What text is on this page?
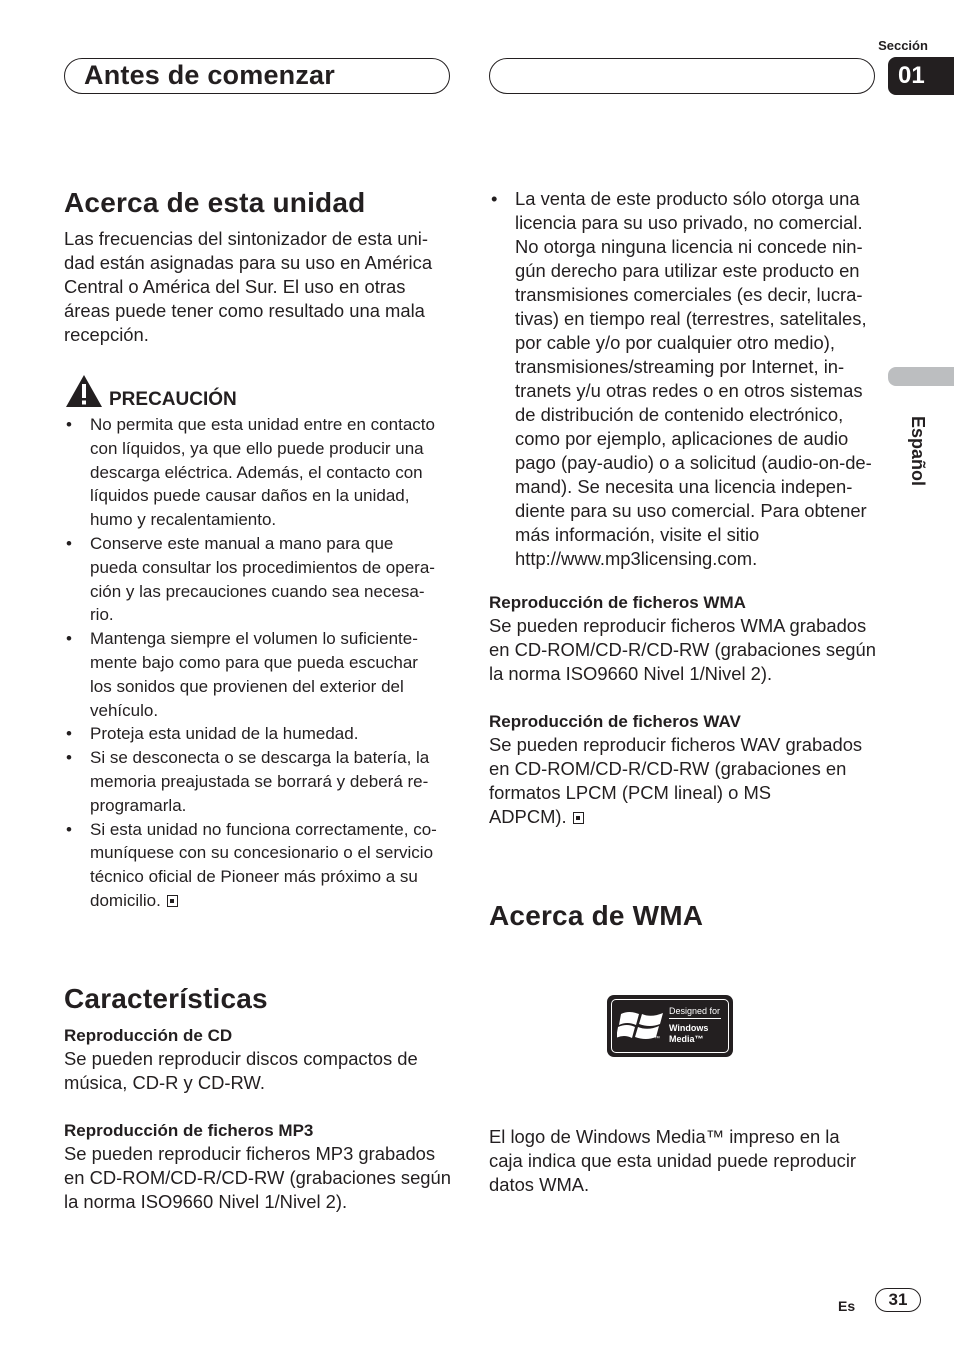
Antes de comenzar
Sección
01
Español
Acerca de esta unidad
Las frecuencias del sintonizador de esta uni-
dad están asignadas para su uso en América
Central o América del Sur. El uso en otras
áreas puede tener como resultado una mala
recepción.
PRECAUCIÓN
• No permita que esta unidad entre en contacto
con líquidos, ya que ello puede producir una
descarga eléctrica. Además, el contacto con
líquidos puede causar daños en la unidad,
humo y recalentamiento.
• Conserve este manual a mano para que
pueda consultar los procedimientos de opera-
ción y las precauciones cuando sea necesa-
rio.
• Mantenga siempre el volumen lo suficiente-
mente bajo como para que pueda escuchar
los sonidos que provienen del exterior del
vehículo.
• Proteja esta unidad de la humedad.
• Si se desconecta o se descarga la batería, la
memoria preajustada se borrará y deberá re-
programarla.
• Si esta unidad no funciona correctamente, co-
muníquese con su concesionario o el servicio
técnico oficial de Pioneer más próximo a su
domicilio.
Características

Reproducción de CD

Se pueden reproducir discos compactos de
música, CD-R y CD-RW.

Reproducción de ficheros MP3

Se pueden reproducir ficheros MP3 grabados
en CD-ROM/CD-R/CD-RW (grabaciones según
la norma ISO9660 Nivel 1/Nivel 2).
• La venta de este producto sólo otorga una
licencia para su uso privado, no comercial.
No otorga ninguna licencia ni concede nin-
gún derecho para utilizar este producto en
transmisiones comerciales (es decir, lucra-
tivas) en tiempo real (terrestres, satelitales,
por cable y/o por cualquier otro medio),
transmisiones/streaming por Internet, in-
tranets y/u otras redes o en otros sistemas
de distribución de contenido electrónico,
como por ejemplo, aplicaciones de audio
pago (pay-audio) o a solicitud (audio-on-de-
mand). Se necesita una licencia indepen-
diente para su uso comercial. Para obtener
más información, visite el sitio
http://www.mp3licensing.com.

Reproducción de ficheros WMA

Se pueden reproducir ficheros WMA grabados
en CD-ROM/CD-R/CD-RW (grabaciones según
la norma ISO9660 Nivel 1/Nivel 2).

Reproducción de ficheros WAV

Se pueden reproducir ficheros WAV grabados
en CD-ROM/CD-R/CD-RW (grabaciones en
formatos LPCM (PCM lineal) o MS
ADPCM).
Acerca de WMA
Designed for
Windows
Media™
™
El logo de Windows Media™ impreso en la
caja indica que esta unidad puede reproducir
datos WMA.
Es	31
